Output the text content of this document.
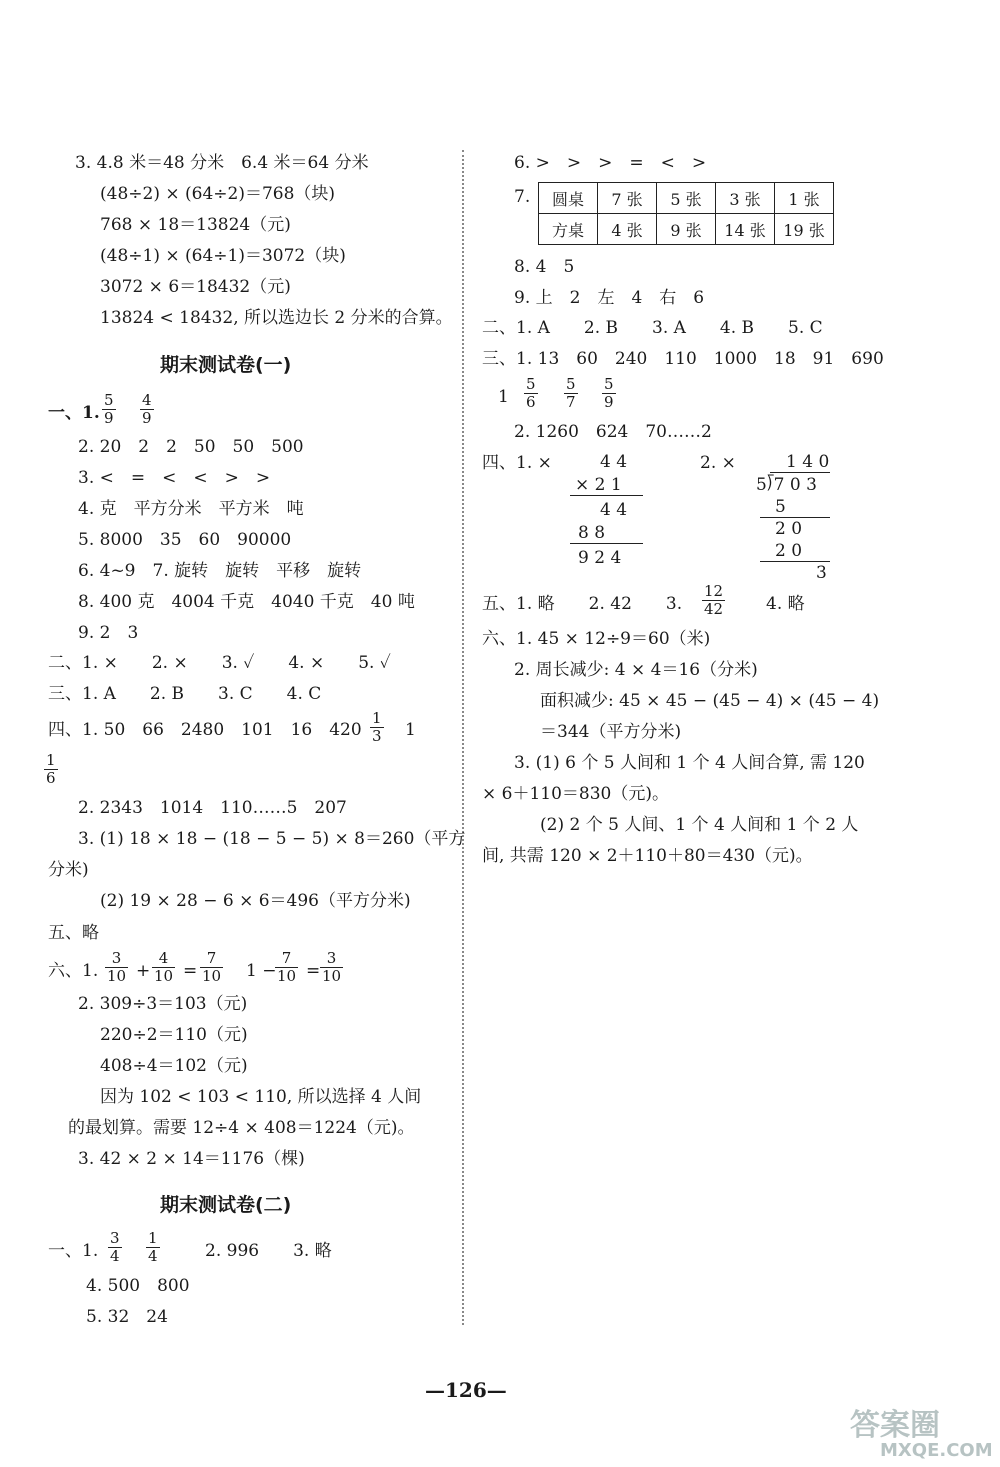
3. 4.8 米＝48 分米　6.4 米＝64 分米
(48÷2) × (64÷2)＝768（块)
768 × 18＝13824（元)
(48÷1) × (64÷1)＝3072（块)
3072 × 6＝18432（元)
13824 < 18432, 所以选边长 2 分米的合算。
期末测试卷(一)
一、1. $\frac{5}{9} \frac{4}{9}$
2. 20　2　2　50　50　500
3. <　=　<　<　>　>
4. 克　平方分米　平方米　吨
5. 8000　35　60　90000
6. 4~9　7. 旋转　旋转　平移　旋转
8. 400 克　4004 千克　4040 千克　40 吨
9. 2　3
二、1. ×　　2. ×　　3. ✓　　4. ×　　5. ✓
三、1. A　　2. B　　3. C　　4. C
四、1. 50　66　2480　101　16　$420 \frac{1}{3} 1$
$\frac{1}{6}$
2. 2343　1014　110……5　207
3. (1) 18 × 18 − (18 − 5 − 5) × 8＝260（平方
分米)
(2) 19 × 28 − 6 × 6＝496（平方分米)
五、略
六、1. $\frac{3}{10} + \frac{4}{10} = \frac{7}{10} 1$ −
$\frac{7}{10} = \frac{3}{10}$
2. 309÷3＝103（元)
220÷2＝110（元)
408÷4＝102（元)
因为 102 < 103 < 110, 所以选择 4 人间
的最划算。需要 12÷4 × 408＝1224（元)。
3. 42 × 2 × 14＝1176（棵)
期末测试卷(二)
一、1. $\frac{3}{4} \frac{1}{4}$	2. 996　　3. 略
4. 500　800
5. 32　24
6. >　>　>　=　<　>
7. 圆桌	7 张	5 张	3 张	1 张
方桌	4 张	9 张	14 张	19 张
8. 4　5
9. 上　2　左　4　右　6
二、1. A　　2. B　　3. A　　4. B　　5. C
三、1. 13　60　240　110　1000　18　91　690
$1 \frac{5}{6} \frac{5}{7} \frac{5}{9}$
2. 1260　624　70……2
四、1. ×	4 4
× 2 1
4 4
8 8
9 2 4
2. ×	1 4 0
5⟌7 0 3
5
2 0
2 0
3
五、1. 略　　2. 42　　3. $\frac{12}{42} 4$. 略
六、1. 45 × 12÷9＝60（米)
2. 周长减少: 4 × 4＝16（分米)
面积减少: 45 × 45 − (45 − 4) × (45 − 4)
＝344（平方分米)
3. (1) 6 个 5 人间和 1 个 4 人间合算, 需 120
× 6＋110＝830（元)。
(2) 2 个 5 人间、1 个 4 人间和 1 个 2 人
间, 共需 120 × 2＋110＋80＝430（元)。
—126—
答案圈
MXQE.COM
